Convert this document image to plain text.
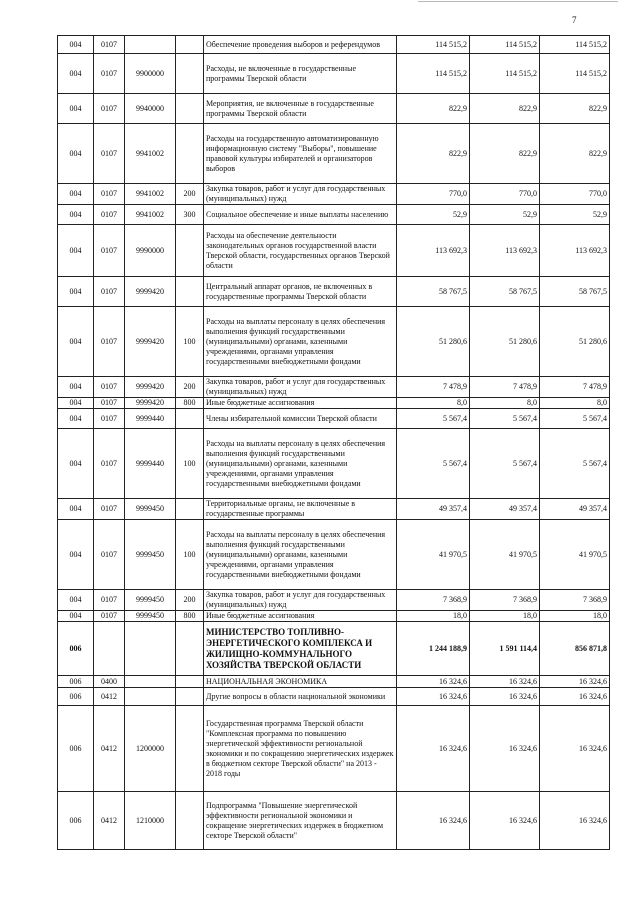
7
004	0107			Обеспечение проведения выборов и референдумов	114 515,2	114 515,2	114 515,2
004	0107	9900000		Расходы, не включенные в государственные программы Тверской области	114 515,2	114 515,2	114 515,2
004	0107	9940000		Мероприятия, не включенные в государственные программы Тверской области	822,9	822,9	822,9
004	0107	9941002		Расходы на государственную автоматизированную информационную систему "Выборы", повышение правовой культуры избирателей и организаторов выборов	822,9	822,9	822,9
004	0107	9941002	200	Закупка товаров, работ и услуг для государственных (муниципальных) нужд	770,0	770,0	770,0
004	0107	9941002	300	Социальное обеспечение и иные выплаты населению	52,9	52,9	52,9
004	0107	9990000		Расходы на обеспечение деятельности законодательных органов государственной власти Тверской области, государственных органов Тверской области	113 692,3	113 692,3	113 692,3
004	0107	9999420		Центральный аппарат органов, не включенных в государственные программы Тверской области	58 767,5	58 767,5	58 767,5
004	0107	9999420	100	Расходы на выплаты персоналу в целях обеспечения выполнения функций государственными (муниципальными) органами, казенными учреждениями, органами управления государственными внебюджетными фондами	51 280,6	51 280,6	51 280,6
004	0107	9999420	200	Закупка товаров, работ и услуг для государственных (муниципальных) нужд	7 478,9	7 478,9	7 478,9
004	0107	9999420	800	Иные бюджетные ассигнования	8,0	8,0	8,0
004	0107	9999440		Члены избирательной комиссии Тверской области	5 567,4	5 567,4	5 567,4
004	0107	9999440	100	Расходы на выплаты персоналу в целях обеспечения выполнения функций государственными (муниципальными) органами, казенными учреждениями, органами управления государственными внебюджетными фондами	5 567,4	5 567,4	5 567,4
004	0107	9999450		Территориальные органы, не включенные в государственные программы	49 357,4	49 357,4	49 357,4
004	0107	9999450	100	Расходы на выплаты персоналу в целях обеспечения выполнения функций государственными (муниципальными) органами, казенными учреждениями, органами управления государственными внебюджетными фондами	41 970,5	41 970,5	41 970,5
004	0107	9999450	200	Закупка товаров, работ и услуг для государственных (муниципальных) нужд	7 368,9	7 368,9	7 368,9
004	0107	9999450	800	Иные бюджетные ассигнования	18,0	18,0	18,0
006				МИНИСТЕРСТВО ТОПЛИВНО-ЭНЕРГЕТИЧЕСКОГО КОМПЛЕКСА И ЖИЛИЩНО-КОММУНАЛЬНОГО ХОЗЯЙСТВА ТВЕРСКОЙ ОБЛАСТИ	1 244 188,9	1 591 114,4	856 871,8
006	0400			НАЦИОНАЛЬНАЯ ЭКОНОМИКА	16 324,6	16 324,6	16 324,6
006	0412			Другие вопросы в области национальной экономики	16 324,6	16 324,6	16 324,6
006	0412	1200000		Государственная программа Тверской области "Комплексная программа по повышению энергетической эффективности региональной экономики и по сокращению энергетических издержек в бюджетном секторе Тверской области" на 2013 - 2018 годы	16 324,6	16 324,6	16 324,6
006	0412	1210000		Подпрограмма "Повышение энергетической эффективности региональной экономики и сокращение энергетических издержек в бюджетном секторе Тверской области"	16 324,6	16 324,6	16 324,6
